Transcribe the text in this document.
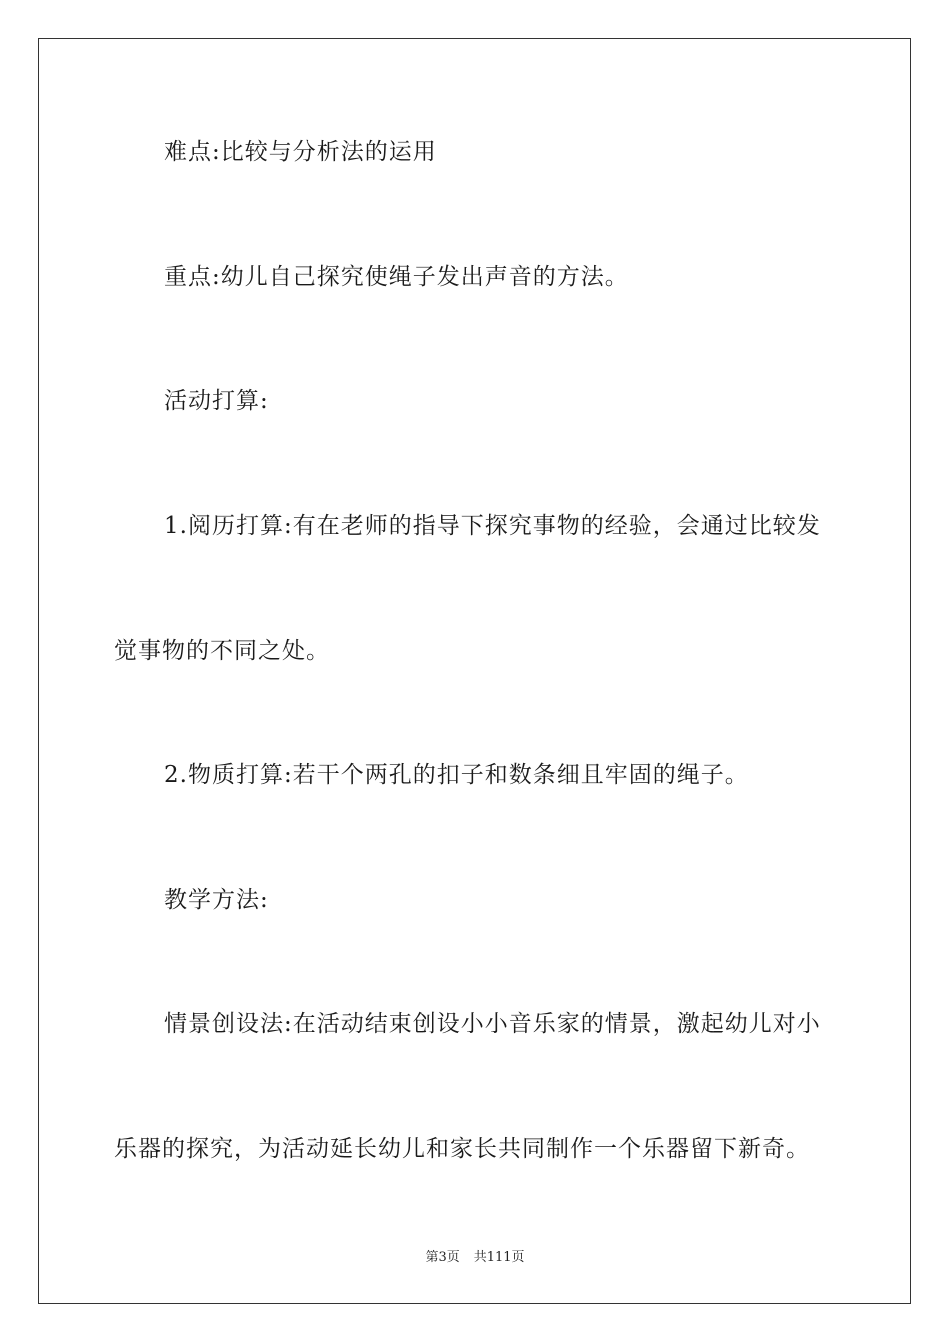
难点:比较与分析法的运用

重点:幼儿自己探究使绳子发出声音的方法。

活动打算:

1.阅历打算:有在老师的指导下探究事物的经验，会通过比较发

觉事物的不同之处。

2.物质打算:若干个两孔的扣子和数条细且牢固的绳子。

教学方法:

情景创设法:在活动结束创设小小音乐家的情景，激起幼儿对小

乐器的探究，为活动延长幼儿和家长共同制作一个乐器留下新奇。

第3页 共111页
